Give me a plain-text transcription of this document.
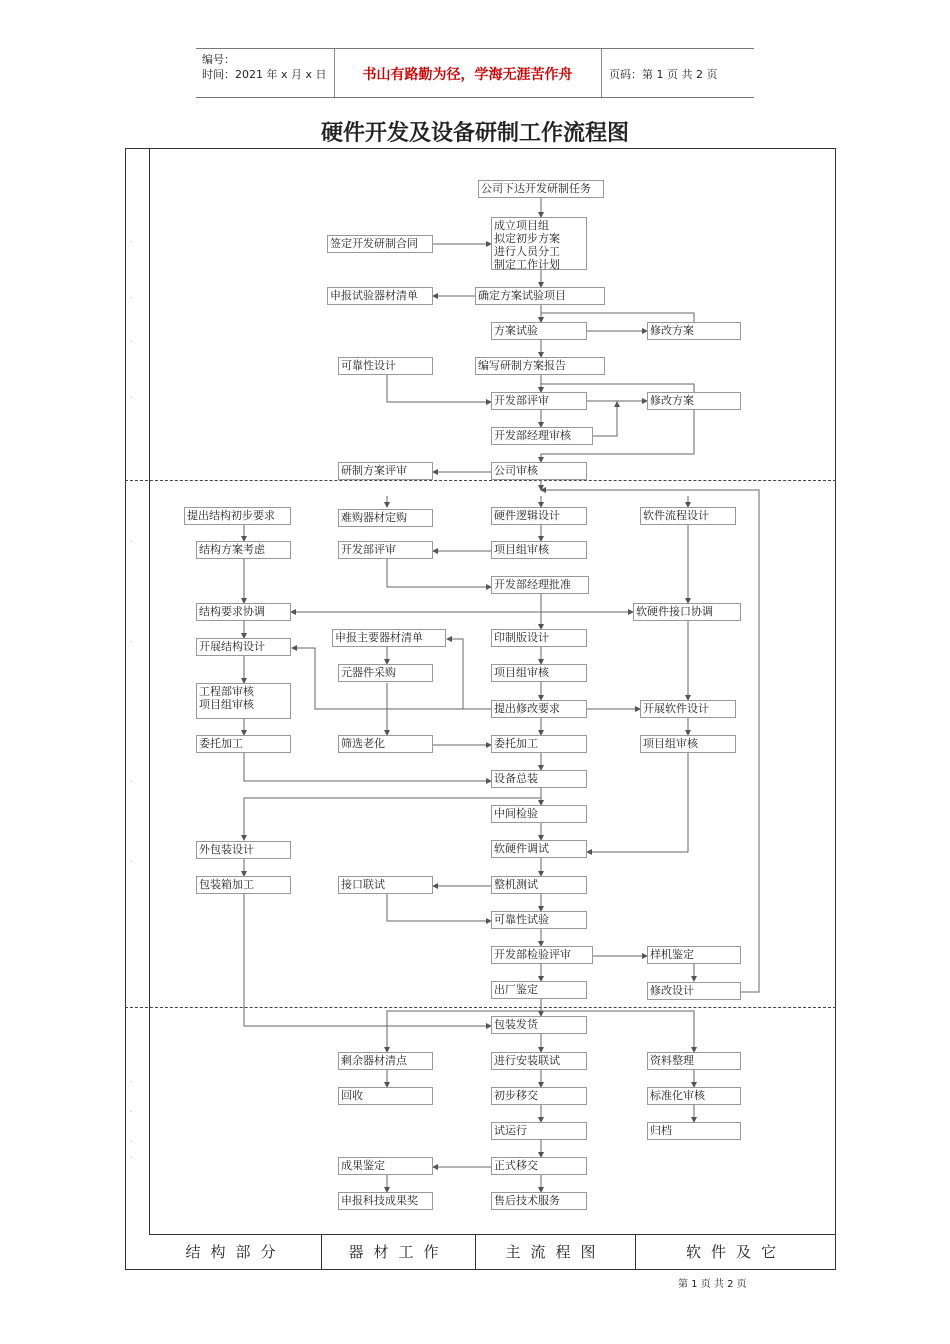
编号：
时间：2021 年 x 月 x 日	书山有路勤为径，学海无涯苦作舟	页码：第 1 页 共 2 页
硬件开发及设备研制工作流程图
.
.
.
.
.
.
.
.
.
.
.
.
结构部分	器材工作	主流程图	软件及它
公司下达开发研制任务
成立项目组
拟定初步方案
进行人员分工
制定工作计划
签定开发研制合同
确定方案试验项目
申报试验器材清单
方案试验	修改方案
可靠性设计	编写研制方案报告
开发部评审	修改方案
开发部经理审核
公司审核
研制方案评审
提出结构初步要求	难购器材定购	硬件逻辑设计	软件流程设计
结构方案考虑	开发部评审	项目组审核
开发部经理批准
结构要求协调	软硬件接口协调
开展结构设计
申报主要器材清单	印制版设计
元器件采购	项目组审核
工程部审核
项目组审核	提出修改要求	开展软件设计
委托加工	筛选老化	委托加工	项目组审核
设备总装
中间检验
外包装设计	软硬件调试
包装箱加工	接口联试	整机测试
可靠性试验
开发部检验评审	样机鉴定
出厂鉴定	修改设计
包装发货
剩余器材清点	进行安装联试	资料整理
回收	初步移交	标准化审核
试运行	归档
成果鉴定	正式移交
申报科技成果奖	售后技术服务
第 1 页 共 2 页
